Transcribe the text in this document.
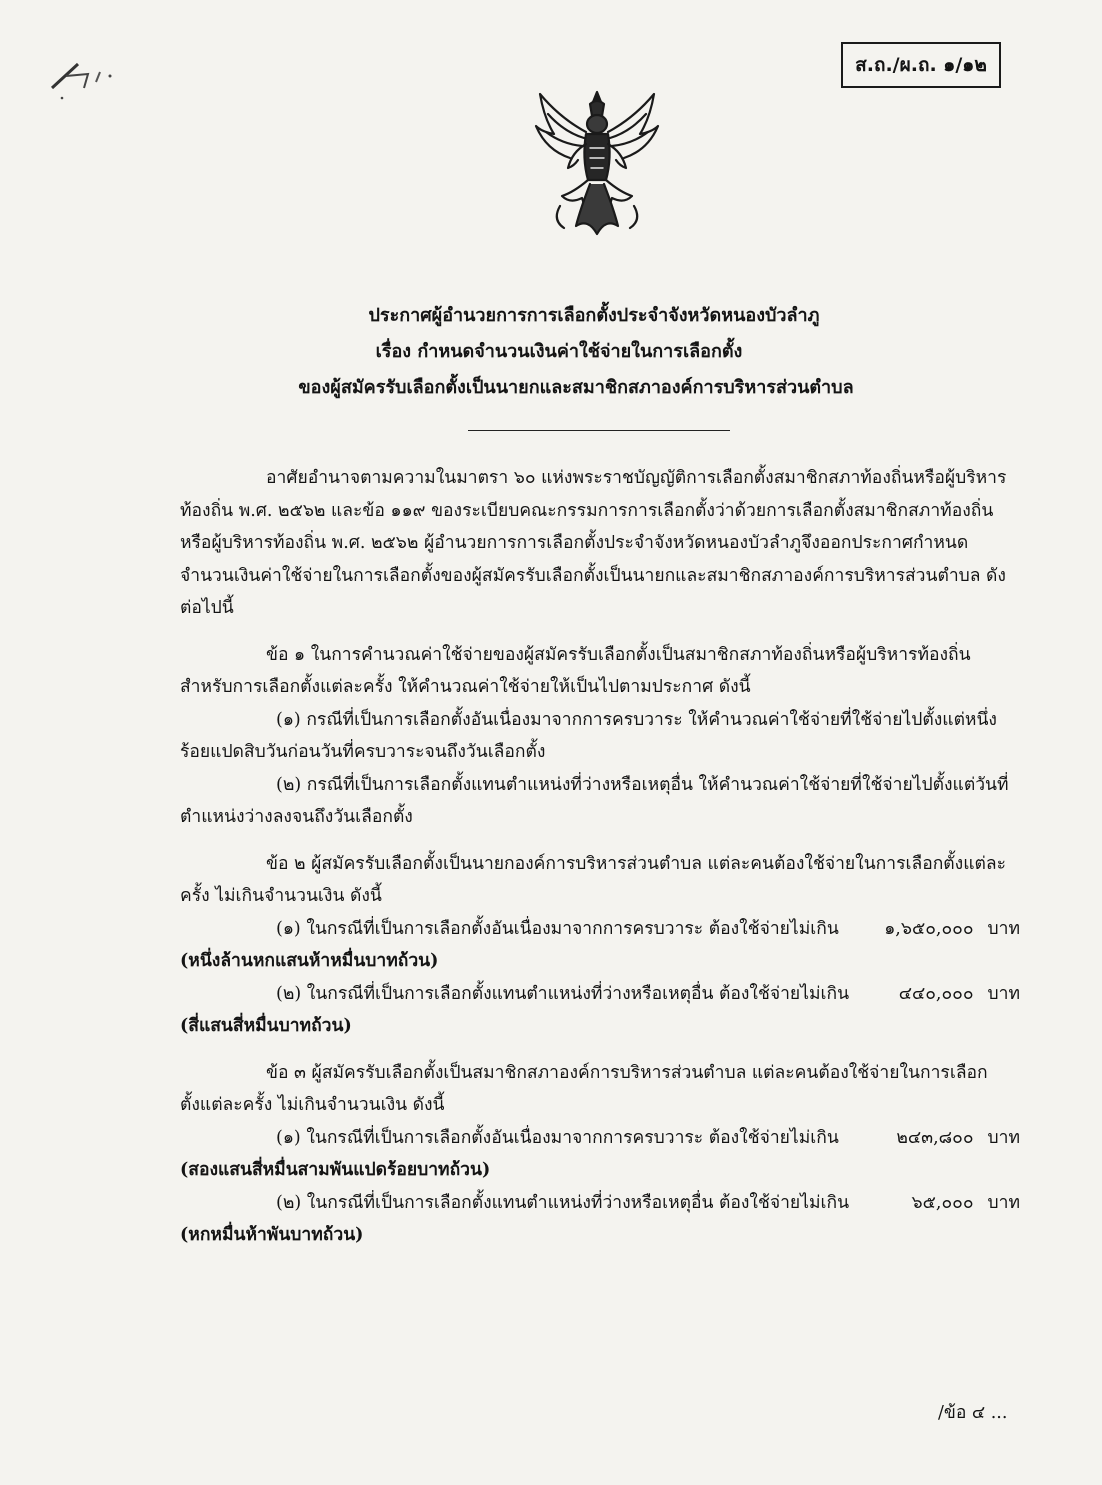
ส.ถ./ผ.ถ. ๑/๑๒
ประกาศผู้อำนวยการการเลือกตั้งประจำจังหวัดหนองบัวลำภู
เรื่อง กำหนดจำนวนเงินค่าใช้จ่ายในการเลือกตั้ง
ของผู้สมัครรับเลือกตั้งเป็นนายกและสมาชิกสภาองค์การบริหารส่วนตำบล

อาศัยอำนาจตามความในมาตรา ๖๐ แห่งพระราชบัญญัติการเลือกตั้งสมาชิกสภาท้องถิ่นหรือผู้บริหารท้องถิ่น พ.ศ. ๒๕๖๒ และข้อ ๑๑๙ ของระเบียบคณะกรรมการการเลือกตั้งว่าด้วยการเลือกตั้งสมาชิกสภาท้องถิ่นหรือผู้บริหารท้องถิ่น พ.ศ. ๒๕๖๒ ผู้อำนวยการการเลือกตั้งประจำจังหวัดหนองบัวลำภูจึงออกประกาศกำหนดจำนวนเงินค่าใช้จ่ายในการเลือกตั้งของผู้สมัครรับเลือกตั้งเป็นนายกและสมาชิกสภาองค์การบริหารส่วนตำบล ดังต่อไปนี้

ข้อ ๑ ในการคำนวณค่าใช้จ่ายของผู้สมัครรับเลือกตั้งเป็นสมาชิกสภาท้องถิ่นหรือผู้บริหารท้องถิ่นสำหรับการเลือกตั้งแต่ละครั้ง ให้คำนวณค่าใช้จ่ายให้เป็นไปตามประกาศ ดังนี้

(๑) กรณีที่เป็นการเลือกตั้งอันเนื่องมาจากการครบวาระ ให้คำนวณค่าใช้จ่ายที่ใช้จ่ายไปตั้งแต่หนึ่งร้อยแปดสิบวันก่อนวันที่ครบวาระจนถึงวันเลือกตั้ง

(๒) กรณีที่เป็นการเลือกตั้งแทนตำแหน่งที่ว่างหรือเหตุอื่น ให้คำนวณค่าใช้จ่ายที่ใช้จ่ายไปตั้งแต่วันที่ตำแหน่งว่างลงจนถึงวันเลือกตั้ง

ข้อ ๒ ผู้สมัครรับเลือกตั้งเป็นนายกองค์การบริหารส่วนตำบล แต่ละคนต้องใช้จ่ายในการเลือกตั้งแต่ละครั้ง ไม่เกินจำนวนเงิน ดังนี้

(๑) ในกรณีที่เป็นการเลือกตั้งอันเนื่องมาจากการครบวาระ ต้องใช้จ่ายไม่เกิน	๑,๖๕๐,๐๐๐ บาท

(หนึ่งล้านหกแสนห้าหมื่นบาทถ้วน)

(๒) ในกรณีที่เป็นการเลือกตั้งแทนตำแหน่งที่ว่างหรือเหตุอื่น ต้องใช้จ่ายไม่เกิน	๔๔๐,๐๐๐ บาท

(สี่แสนสี่หมื่นบาทถ้วน)

ข้อ ๓ ผู้สมัครรับเลือกตั้งเป็นสมาชิกสภาองค์การบริหารส่วนตำบล แต่ละคนต้องใช้จ่ายในการเลือกตั้งแต่ละครั้ง ไม่เกินจำนวนเงิน ดังนี้

(๑) ในกรณีที่เป็นการเลือกตั้งอันเนื่องมาจากการครบวาระ ต้องใช้จ่ายไม่เกิน	๒๔๓,๘๐๐ บาท

(สองแสนสี่หมื่นสามพันแปดร้อยบาทถ้วน)

(๒) ในกรณีที่เป็นการเลือกตั้งแทนตำแหน่งที่ว่างหรือเหตุอื่น ต้องใช้จ่ายไม่เกิน	๖๕,๐๐๐ บาท

(หกหมื่นห้าพันบาทถ้วน)

/ข้อ ๔ ...
